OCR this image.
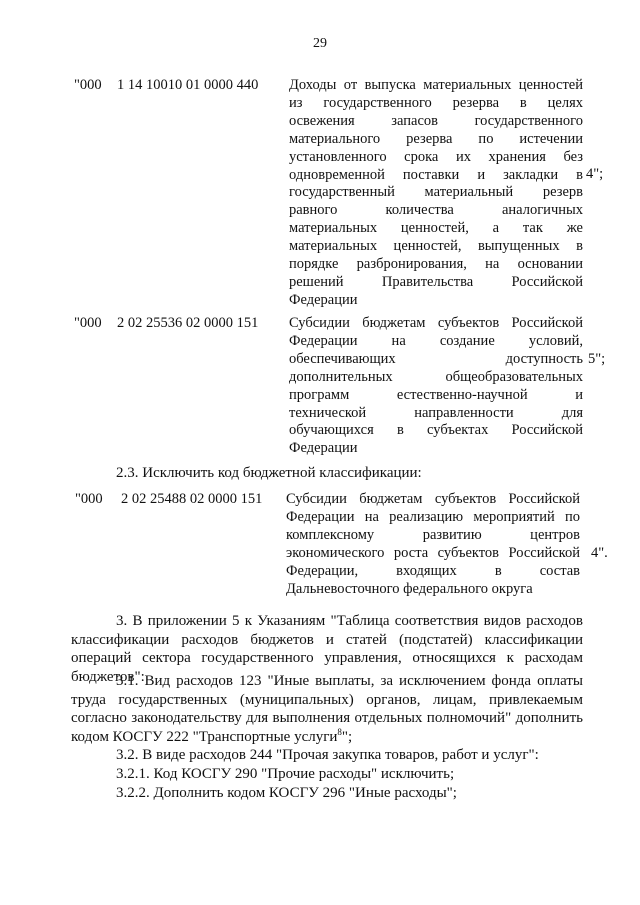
29
"000 1 14 10010 01 0000 440 Доходы от выпуска материальных ценностей
из государственного резерва в целях
освежения запасов государственного
материального резерва по истечении
установленного срока их хранения без
одновременной поставки и закладки в
государственный материальный резерв
равного количества аналогичных
материальных ценностей, а так же
материальных ценностей, выпущенных в
порядке разбронирования, на основании
решений Правительства Российской
Федерации
4";
"000 2 02 25536 02 0000 151 Субсидии бюджетам субъектов Российской
Федерации на создание условий,
обеспечивающих доступность
дополнительных общеобразовательных
программ естественно-научной и
технической направленности для
обучающихся в субъектах Российской
Федерации
5";
2.3. Исключить код бюджетной классификации:
"000 2 02 25488 02 0000 151 Субсидии бюджетам субъектов Российской
Федерации на реализацию мероприятий по
комплексному развитию центров
экономического роста субъектов Российской
Федерации, входящих в состав
Дальневосточного федерального округа
4".
3. В приложении 5 к Указаниям "Таблица соответствия видов расходов классификации расходов бюджетов и статей (подстатей) классификации операций сектора государственного управления, относящихся к расходам бюджетов":
3.1. Вид расходов 123 "Иные выплаты, за исключением фонда оплаты труда государственных (муниципальных) органов, лицам, привлекаемым согласно законодательству для выполнения отдельных полномочий" дополнить кодом КОСГУ 222 "Транспортные услуги$^8$";
3.2. В виде расходов 244 "Прочая закупка товаров, работ и услуг":
3.2.1. Код КОСГУ 290 "Прочие расходы" исключить;
3.2.2. Дополнить кодом КОСГУ 296 "Иные расходы";
